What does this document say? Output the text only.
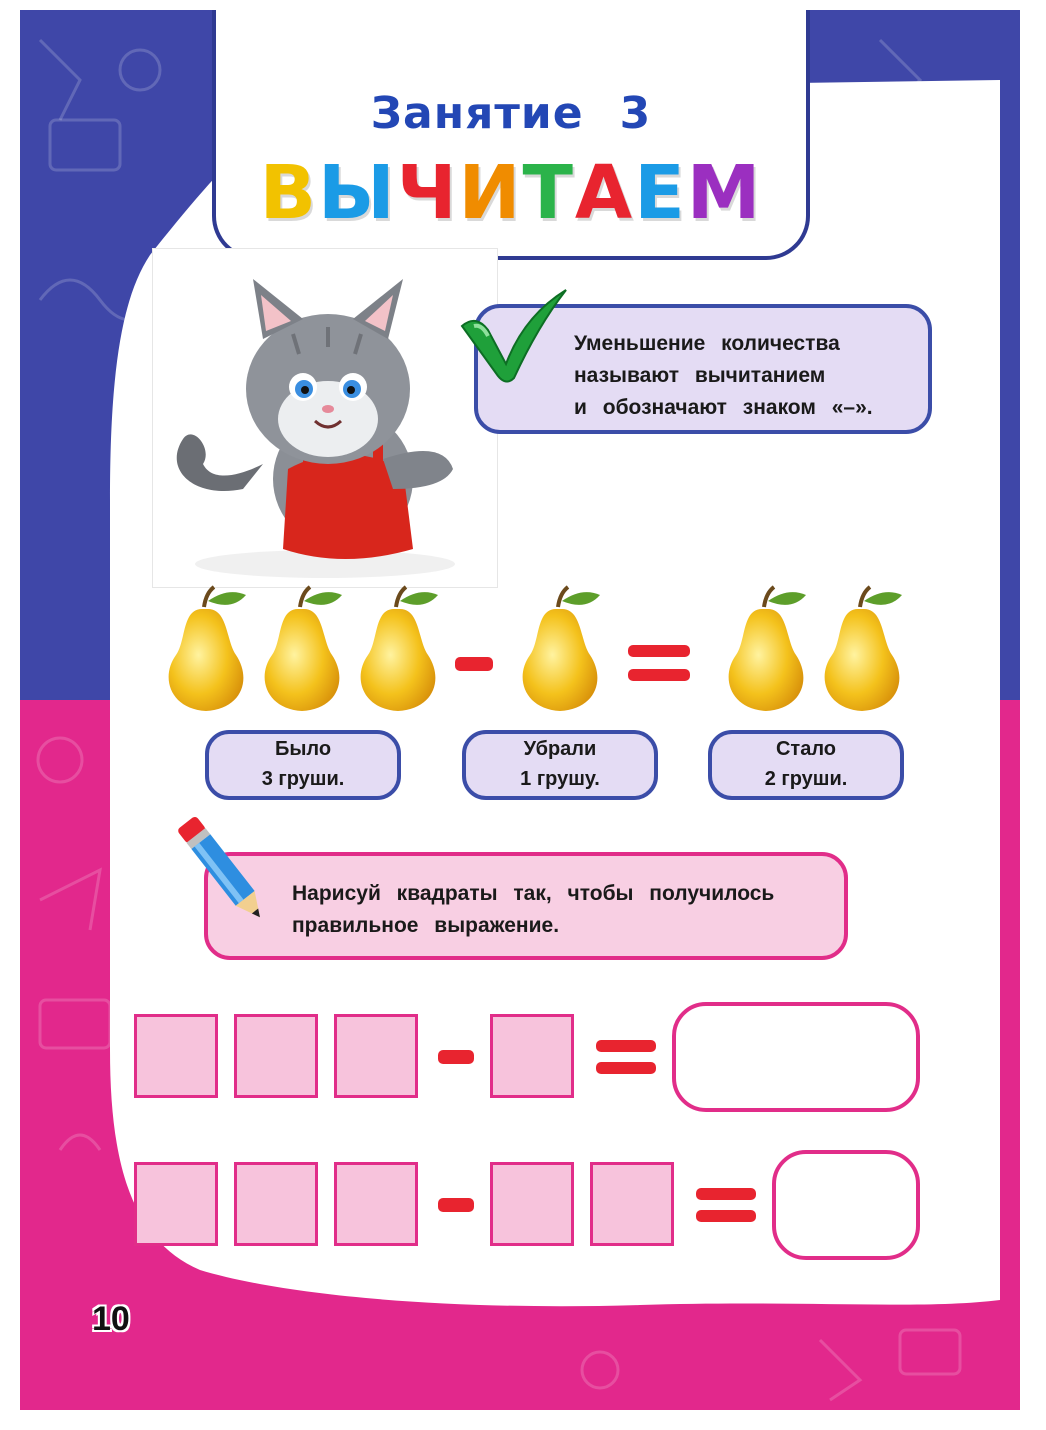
Занятие 3
ВЫЧИТАЕМ
Уменьшение количества
называют вычитанием
и обозначают знаком «–».
Было
3 груши.
Убрали
1 грушу.
Стало
2 груши.
Нарисуй квадраты так, чтобы получилось
правильное выражение.
10
